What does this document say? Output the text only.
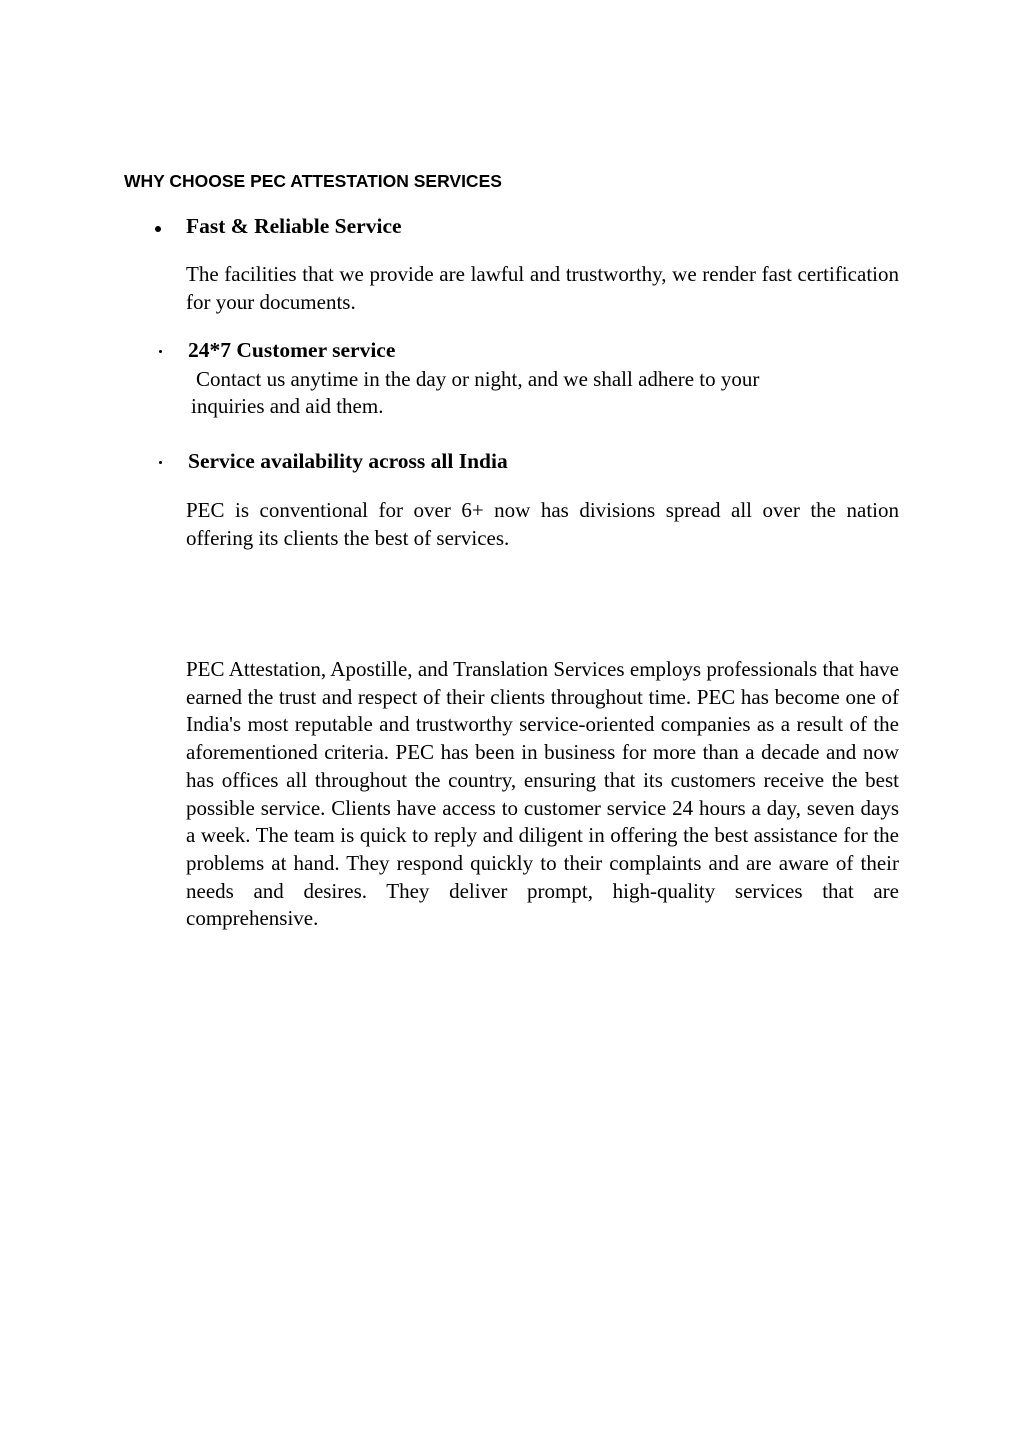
WHY CHOOSE PEC ATTESTATION SERVICES
Fast & Reliable Service

The facilities that we provide are lawful and trustworthy, we render fast certification for your documents.

24*7 Customer service

Contact us anytime in the day or night, and we shall adhere to your

inquiries and aid them.

Service availability across all India

PEC is conventional for over 6+ now has divisions spread all over the nation offering its clients the best of services.

PEC Attestation, Apostille, and Translation Services employs professionals that have earned the trust and respect of their clients throughout time. PEC has become one of India's most reputable and trustworthy service-oriented companies as a result of the aforementioned criteria. PEC has been in business for more than a decade and now has offices all throughout the country, ensuring that its customers receive the best possible service. Clients have access to customer service 24 hours a day, seven days a week. The team is quick to reply and diligent in offering the best assistance for the problems at hand. They respond quickly to their complaints and are aware of their needs and desires. They deliver prompt, high-quality services that are comprehensive.
